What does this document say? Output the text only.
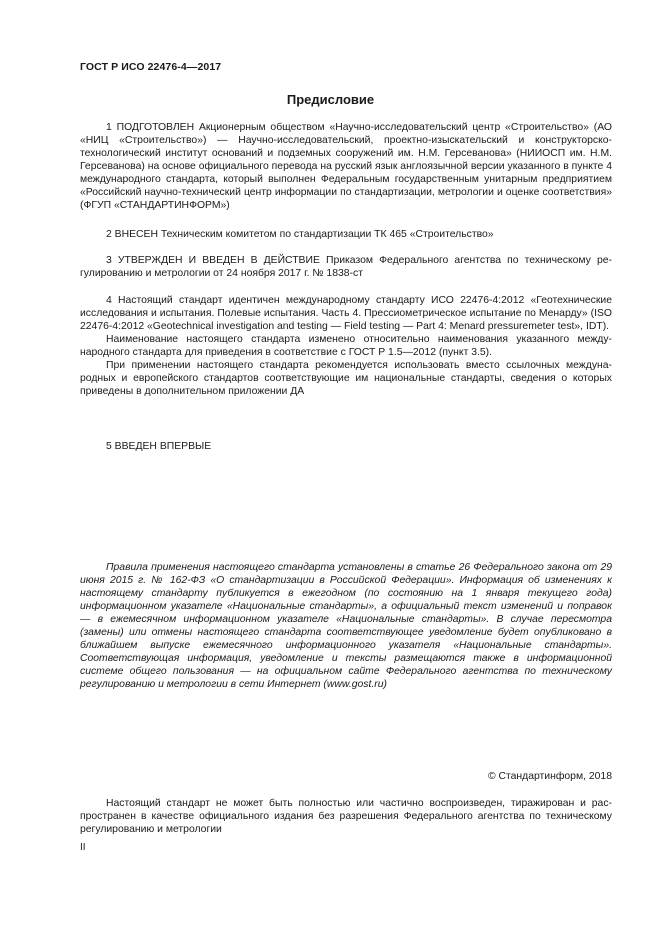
ГОСТ Р ИСО 22476-4—2017
Предисловие

1 ПОДГОТОВЛЕН Акционерным обществом «Научно-исследовательский центр «Строительство» (АО «НИЦ «Строительство») — Научно-исследовательский, проектно-изыскательский и конструкторско-технологический институт оснований и подземных сооружений им. Н.М. Герсеванова» (НИИОСП им. Н.М. Герсеванова) на основе официального перевода на русский язык англоязычной версии указанного в пункте 4 международного стандарта, который выполнен Федеральным государственным унитарным предприятием «Российский научно-технический центр информации по стандартизации, метрологии и оценке соответствия» (ФГУП «СТАНДАРТИНФОРМ»)

2 ВНЕСЕН Техническим комитетом по стандартизации ТК 465 «Строительство»

3 УТВЕРЖДЕН И ВВЕДЕН В ДЕЙСТВИЕ Приказом Федерального агентства по техническому регулированию и метрологии от 24 ноября 2017 г. № 1838-ст

4 Настоящий стандарт идентичен международному стандарту ИСО 22476-4:2012 «Геотехнические исследования и испытания. Полевые испытания. Часть 4. Прессиометрическое испытание по Менарду» (ISO 22476-4:2012 «Geotechnical investigation and testing — Field testing — Part 4: Menard pressuremeter test», IDT).
Наименование настоящего стандарта изменено относительно наименования указанного международного стандарта для приведения в соответствие с ГОСТ Р 1.5—2012 (пункт 3.5).
При применении настоящего стандарта рекомендуется использовать вместо ссылочных международных и европейского стандартов соответствующие им национальные стандарты, сведения о которых приведены в дополнительном приложении ДА

5 ВВЕДЕН ВПЕРВЫЕ

Правила применения настоящего стандарта установлены в статье 26 Федерального закона от 29 июня 2015 г. № 162-ФЗ «О стандартизации в Российской Федерации». Информация об изменениях к настоящему стандарту публикуется в ежегодном (по состоянию на 1 января текущего года) информационном указателе «Национальные стандарты», а официальный текст изменений и поправок — в ежемесячном информационном указателе «Национальные стандарты». В случае пересмотра (замены) или отмены настоящего стандарта соответствующее уведомление будет опубликовано в ближайшем выпуске ежемесячного информационного указателя «Национальные стандарты». Соответствующая информация, уведомление и тексты размещаются также в информационной системе общего пользования — на официальном сайте Федерального агентства по техническому регулированию и метрологии в сети Интернет (www.gost.ru)

© Стандартинформ, 2018

Настоящий стандарт не может быть полностью или частично воспроизведен, тиражирован и распространен в качестве официального издания без разрешения Федерального агентства по техническому регулированию и метрологии

II
